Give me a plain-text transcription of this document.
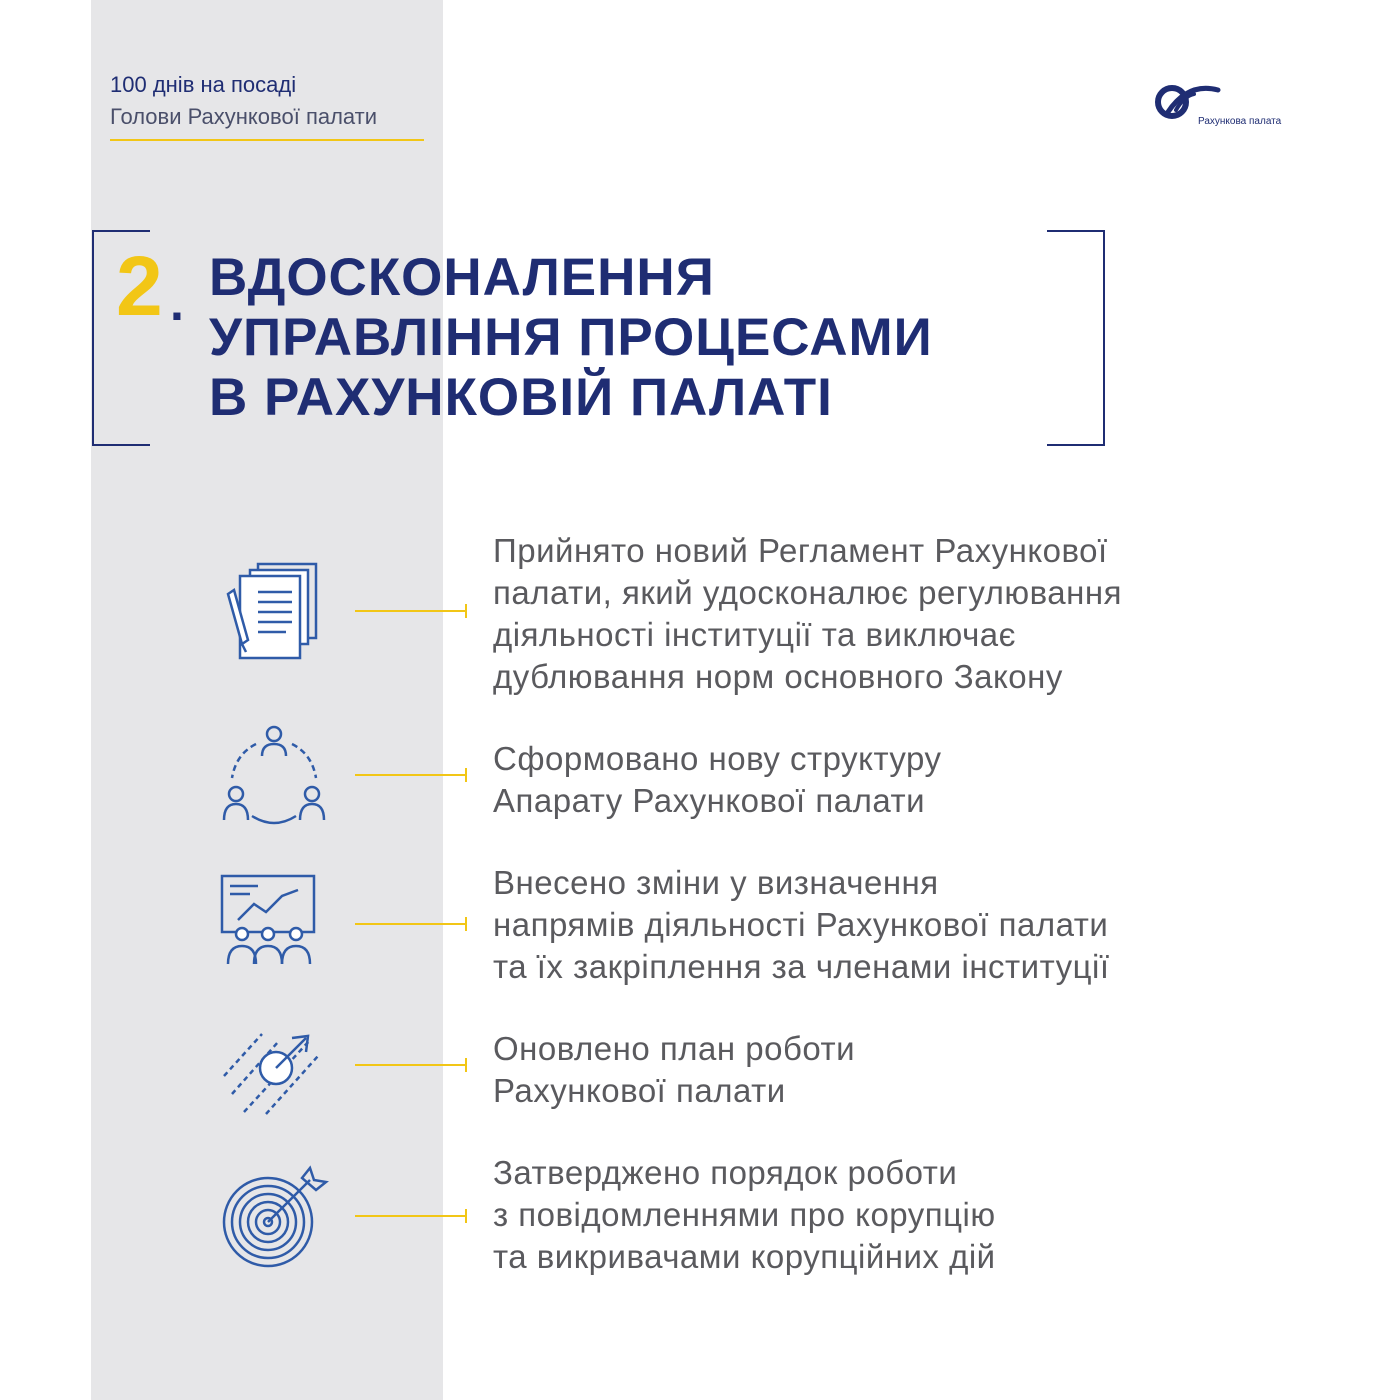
100 днів на посаді
Голови Рахункової палати	Рахункова палата
2 . ВДОСКОНАЛЕННЯ
УПРАВЛІННЯ ПРОЦЕСАМИ
В РАХУНКОВІЙ ПАЛАТІ
Прийнято новий Регламент Рахункової
палати, який удосконалює регулювання
діяльності інституції та виключає
дублювання норм основного Закону
Сформовано нову структуру
Апарату Рахункової палати
Внесено зміни у визначення
напрямів діяльності Рахункової палати
та їх закріплення за членами інституції
Оновлено план роботи
Рахункової палати
Затверджено порядок роботи
з повідомленнями про корупцію
та викривачами корупційних дій
